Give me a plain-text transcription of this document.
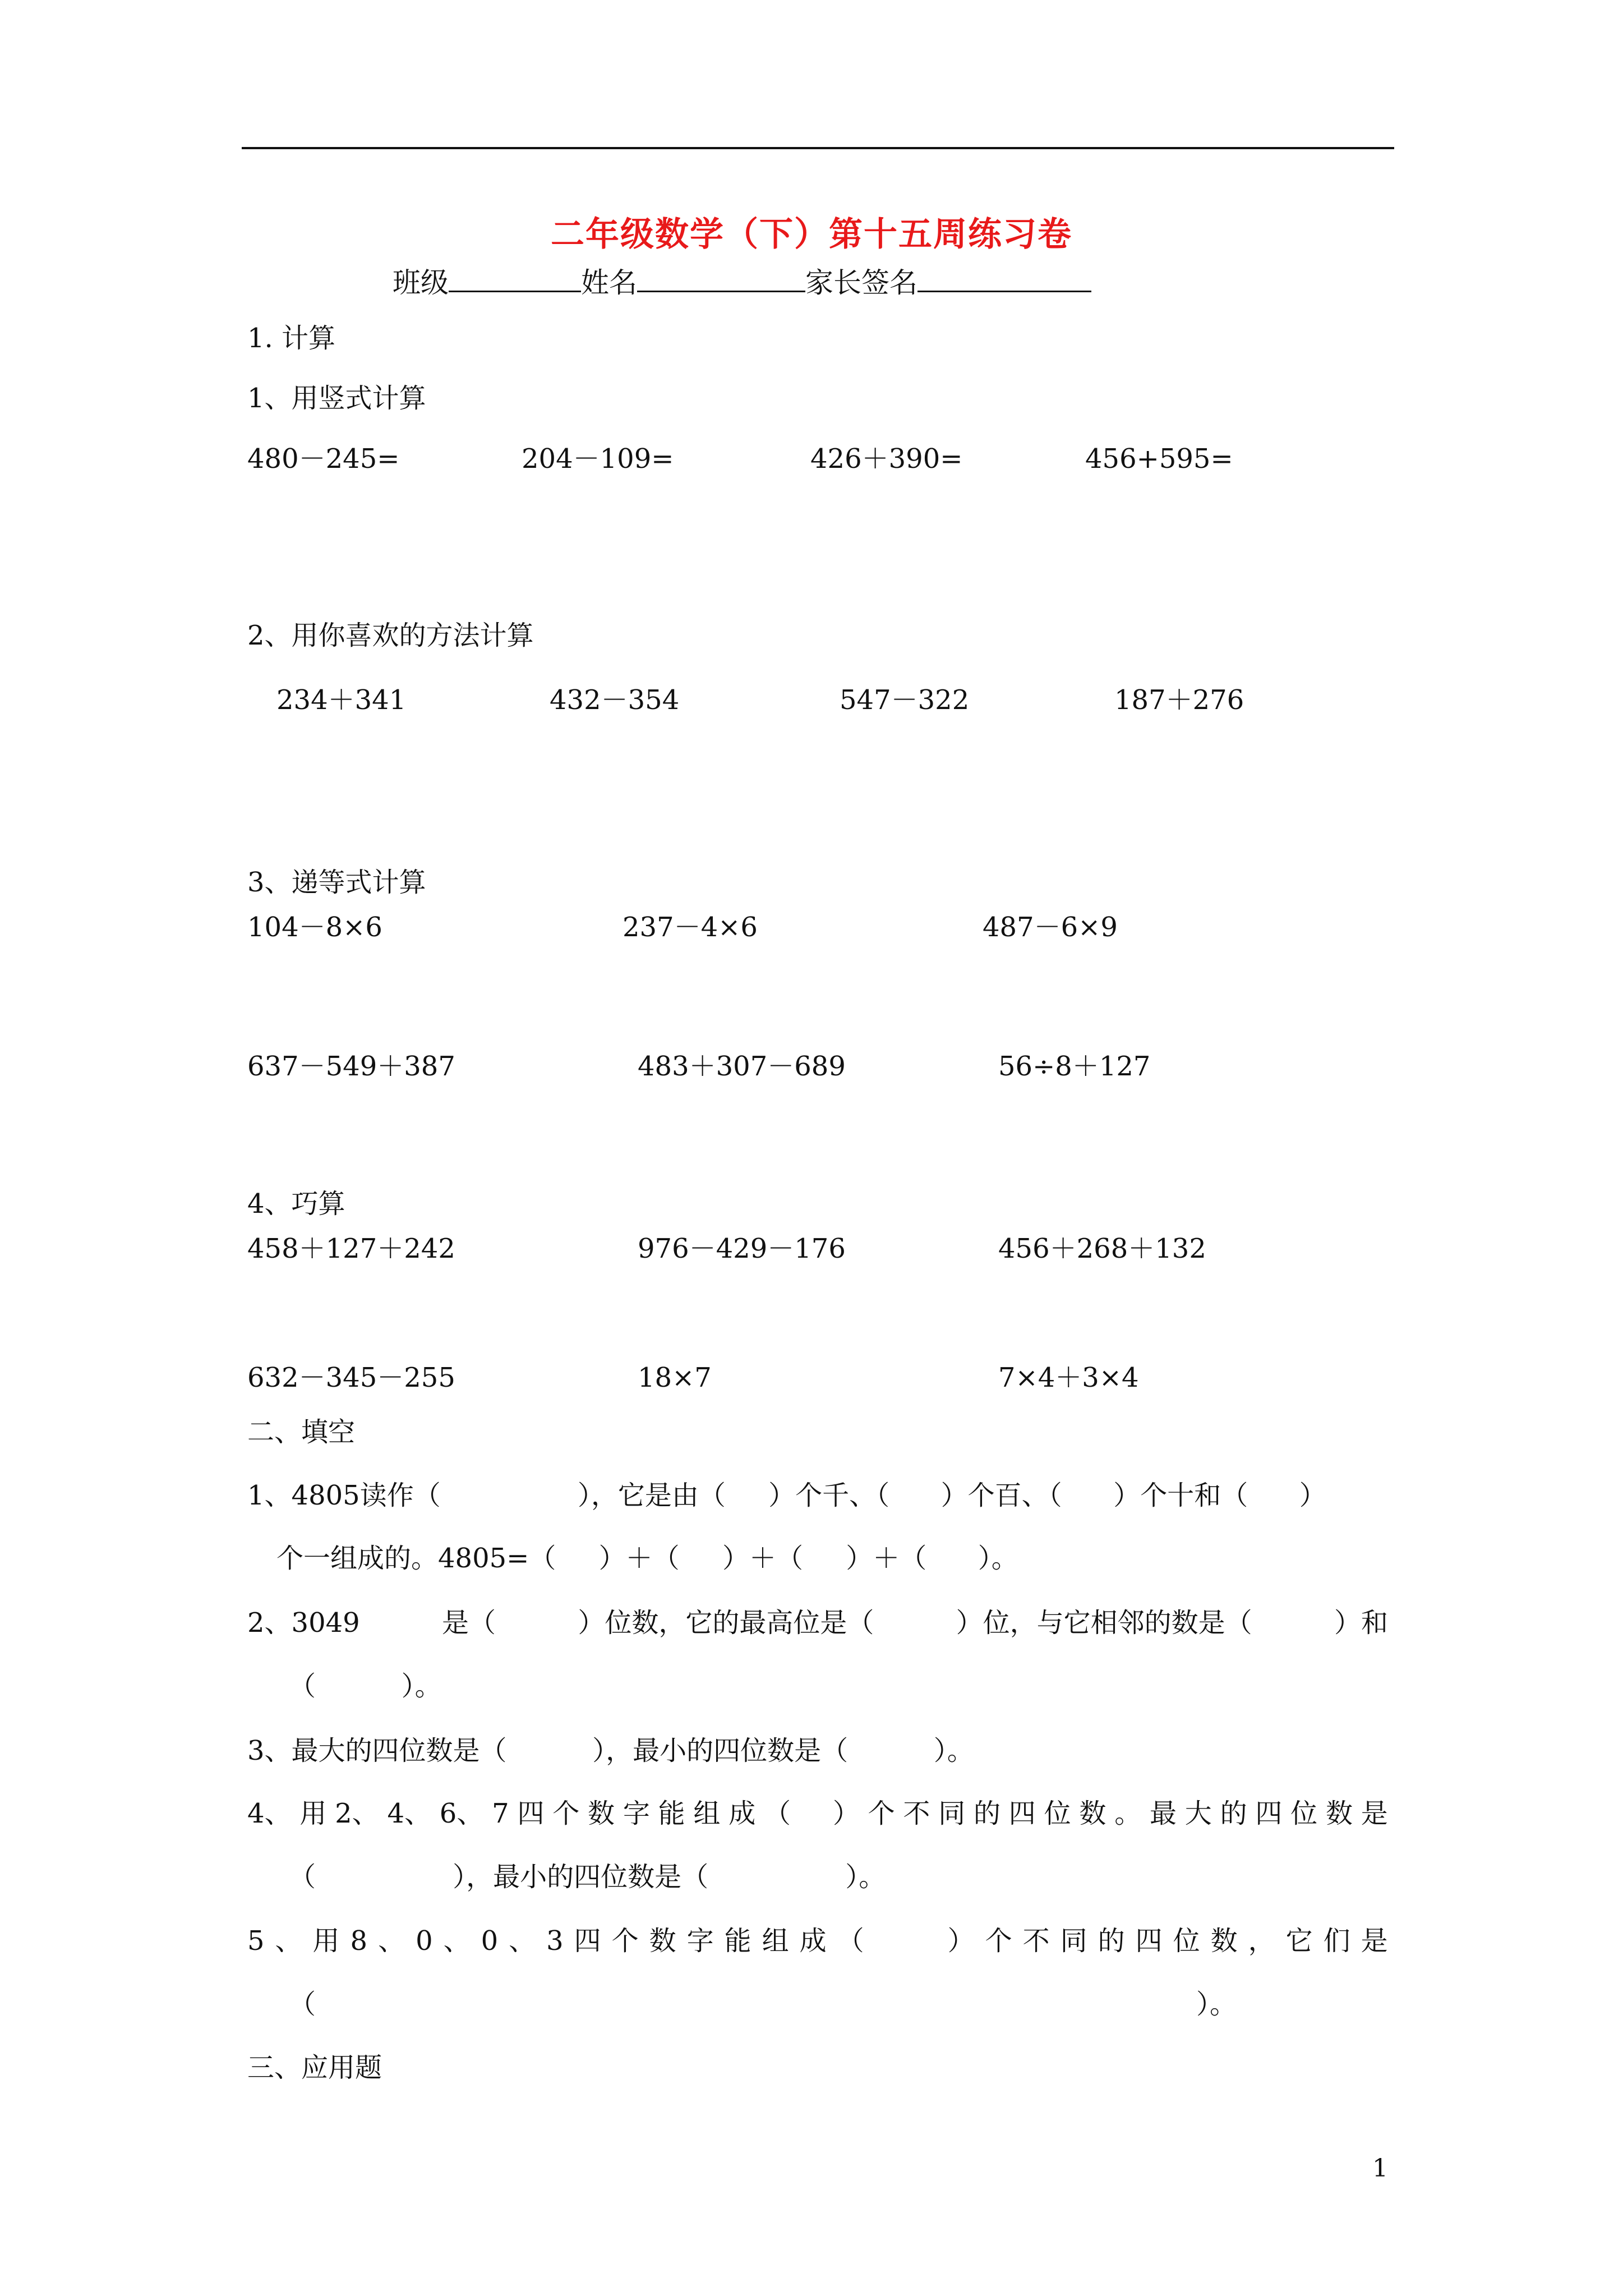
二年级数学（下）第十五周练习卷
班级	姓名	家长签名
1. 计算
1、用竖式计算
480－245=	204－109=	426＋390=	456+595=
2、用你喜欢的方法计算
234＋341	432－354	547－322	187＋276
3、递等式计算
104－8×6	237－4×6	487－6×9
637－549＋387	483＋307－689	56÷8＋127
4、巧算
458＋127＋242	976－429－176	456＋268＋132
632－345－255	18×7	7×4＋3×4
二、填空
1、4805读作（                ），它是由（     ）个千、（      ）个百、（      ）个十和（      ）
个一组成的。4805=（     ）＋（     ）＋（     ）＋（      ）。
2、3049	是（	）位数，它的最高位是（	）位，与它相邻的数是（	）和
（          ）。
3、最大的四位数是（          ），最小的四位数是（          ）。
4、 用 2、 4、 6、 7 四 个 数 字 能 组 成 （ ） 个 不 同 的 四 位 数 。 最 大 的 四 位 数 是
（                ），最小的四位数是（                ）。
5 、 用 8 、 0 、 0 、 3 四 个 数 字 能 组 成 （	） 个 不 同 的 四 位 数 ， 它 们 是
（	）。
三、应用题
1
